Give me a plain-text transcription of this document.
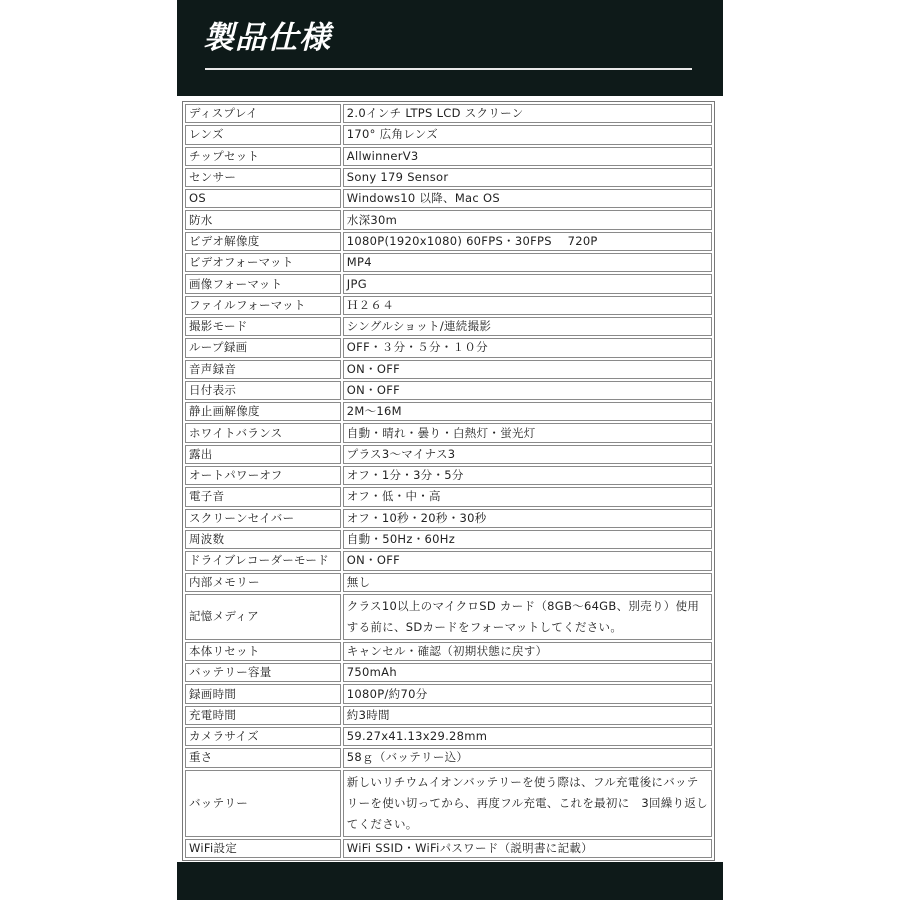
製品仕様
ディスプレイ	2.0インチ LTPS LCD スクリーン
レンズ	170° 広角レンズ
チップセット	AllwinnerV3
センサー	Sony 179 Sensor
OS	Windows10 以降、Mac OS
防水	水深30m
ビデオ解像度	1080P(1920x1080) 60FPS・30FPS　 720P
ビデオフォーマット	MP4
画像フォーマット	JPG
ファイルフォーマット	Ｈ２６４
撮影モード	シングルショット/連続撮影
ループ録画	OFF・３分・５分・１０分
音声録音	ON・OFF
日付表示	ON・OFF
静止画解像度	2M〜16M
ホワイトバランス	自動・晴れ・曇り・白熱灯・蛍光灯
露出	プラス3〜マイナス3
オートパワーオフ	オフ・1分・3分・5分
電子音	オフ・低・中・高
スクリーンセイバー	オフ・10秒・20秒・30秒
周波数	自動・50Hz・60Hz
ドライブレコーダーモード	ON・OFF
内部メモリー	無し
記憶メディア	クラス10以上のマイクロSD カード（8GB〜64GB、別売り）使用する前に、SDカードをフォーマットしてください。
本体リセット	キャンセル・確認（初期状態に戻す）
バッテリー容量	750mAh
録画時間	1080P/約70分
充電時間	約3時間
カメラサイズ	59.27x41.13x29.28mm
重さ	58ｇ（バッテリー込）
バッテリー	新しいリチウムイオンバッテリーを使う際は、フル充電後にバッテリーを使い切ってから、再度フル充電、これを最初に　3回繰り返してください。
WiFi設定	WiFi SSID・WiFiパスワード（説明書に記載）
